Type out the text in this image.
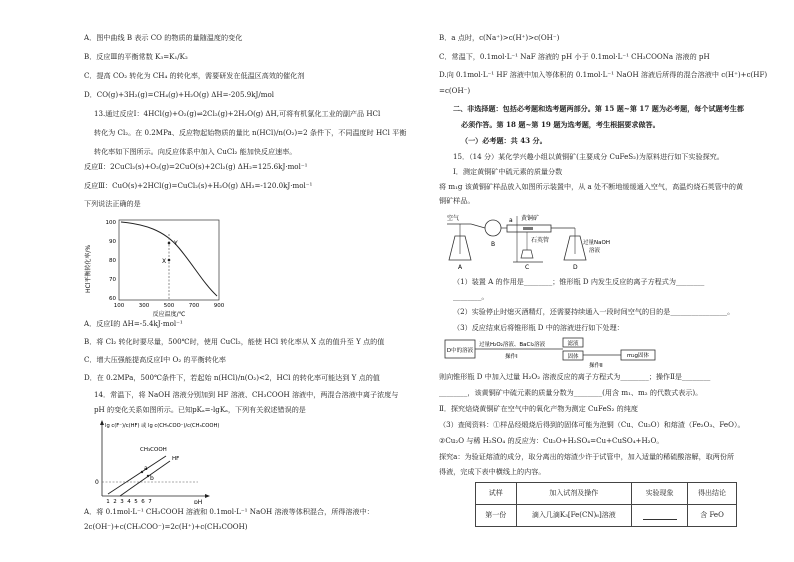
A．图中曲线 B 表示 CO 的物质的量随温度的变化
B．反应Ⅲ的平衡常数 K₃=K₁/K₂
C．提高 CO₂ 转化为 CH₄ 的转化率，需要研发在低温区高效的催化剂
D．CO(g)+3H₂(g)=CH₄(g)+H₂O(g) ΔH=-205.9kJ/mol
13.通过反应Ⅰ：4HCl(g)+O₂(g)⇌2Cl₂(g)+2H₂O(g) ΔH,可将有机氯化工业的副产品 HCl
转化为 Cl₂。在 0.2MPa、反应物起始物质的量比 n(HCl)/n(O₂)=2 条件下，不同温度时 HCl 平衡
转化率如下图所示。向反应体系中加入 CuCl₂ 能加快反应速率。
反应Ⅱ：2CuCl₂(s)+O₂(g)=2CuO(s)+2Cl₂(g) ΔH₂=125.6kJ·mol⁻¹
反应Ⅲ：CuO(s)+2HCl(g)=CuCl₂(s)+H₂O(g) ΔH₃=-120.0kJ·mol⁻¹
下列说法正确的是
HCl平衡转化率/%
100
90
80
70
60
100	300	500	700	900
Y
X
反应温度/℃
A．反应Ⅰ的 ΔH=-5.4kJ·mol⁻¹
B．将 Cl₂ 转化时要尽量，500℃时，使用 CuCl₂，能使 HCl 转化率从 X 点的值升至 Y 点的值
C．增大压强能提高反应Ⅰ中 O₂ 的平衡转化率
D．在 0.2MPa，500℃条件下，若起始 n(HCl)/n(O₂)<2，HCl 的转化率可能达到 Y 点的值
14．常温下，将 NaOH 溶液分别加到 HF 溶液、CH₃COOH 溶液中，两混合溶液中离子浓度与
pH 的变化关系如图所示。已知pKₐ=-lgKₐ，下列有关叙述错误的是
lg c(F⁻)/c(HF) 或 lg c(CH₃COO⁻)/c(CH₃COOH)
0
a
b
CH₃COOH
HF
1 2 3 4 5 6 7	pH
A．将 0.1mol·L⁻¹ CH₃COOH 溶液和 0.1mol·L⁻¹ NaOH 溶液等体积混合，所得溶液中：
2c(OH⁻)+c(CH₃COO⁻)=2c(H⁺)+c(CH₃COOH)
B．a 点时，c(Na⁺)>c(H⁺)>c(OH⁻)
C．常温下，0.1mol·L⁻¹ NaF 溶液的 pH 小于 0.1mol·L⁻¹ CH₃COONa 溶液的 pH
D.向 0.1mol·L⁻¹ HF 溶液中加入等体积的 0.1mol·L⁻¹ NaOH 溶液后所得的混合溶液中 c(H⁺)+c(HF)
=c(OH⁻)
二、非选择题：包括必考题和选考题两部分。第 15 题~第 17 题为必考题，每个试题考生都
必须作答。第 18 题~第 19 题为选考题，考生根据要求做答。
（一）必考题：共 43 分。
15．（14 分）某化学兴趣小组以黄铜矿(主要成分 CuFeS₂)为原料进行如下实验探究。
Ⅰ．测定黄铜矿中硫元素的质量分数
将 m₁g 该黄铜矿样品放入如图所示装置中，从 a 处不断地缓缓通入空气，高温灼烧石英管中的黄
铜矿样品。
空气	黄铜矿
a
石英管	过量NaOH
溶液
A
B
C	D
（1）装置 A 的作用是________；锥形瓶 D 内发生反应的离子方程式为________
________。
（2）实验停止时熄灭酒精灯，还需要持续通入一段时间空气的目的是________________。
（3）反应结束后将锥形瓶 D 中的溶液进行如下处理：
D中的溶液
过量H₂O₂溶液、BaCl₂溶液
操作Ⅰ
滤液
固体
操作Ⅱ
m₂g固体
则向锥形瓶 D 中加入过量 H₂O₂ 溶液反应的离子方程式为________；操作Ⅱ是________
________，该黄铜矿中硫元素的质量分数为________(用含 m₁、m₂ 的代数式表示)。
Ⅱ．探究焙烧黄铜矿在空气中的氧化产物为测定 CuFeS₂ 的纯度
（3）查阅资料：①样品经煅烧后得到的固体可能为泡铜（Cu、Cu₂O）和熔渣（Fe₂O₃、FeO）。
②Cu₂O 与稀 H₂SO₄ 的反应为：Cu₂O+H₂SO₄=Cu+CuSO₄+H₂O。
探究a：为验证熔渣的成分，取分离出的熔渣少许于试管中，加入适量的稀硫酸溶解，取两份所
得液，完成下表中横线上的内容。
试样	加入试剂及操作	实验现象	得出结论
第一份	滴入几滴K₃[Fe(CN)₆]溶液		含 FeO
